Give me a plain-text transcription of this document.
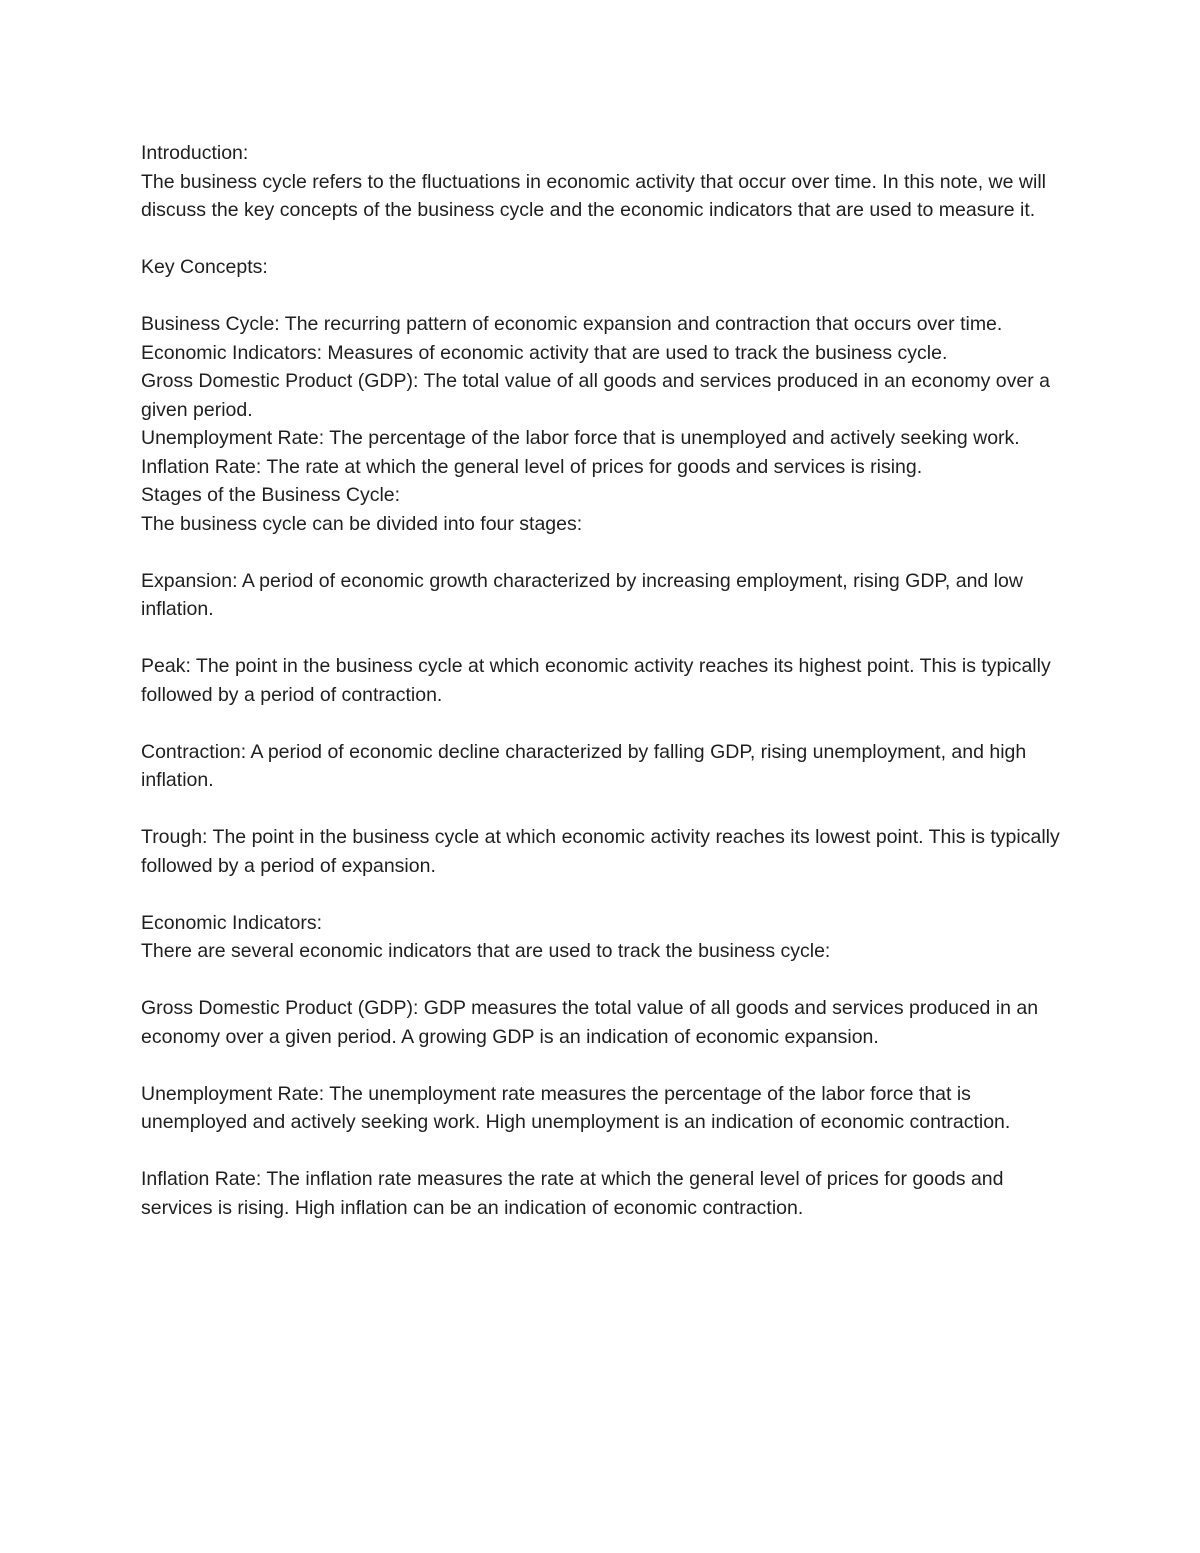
Introduction:

The business cycle refers to the fluctuations in economic activity that occur over time. In this note, we will discuss the key concepts of the business cycle and the economic indicators that are used to measure it.

Key Concepts:

Business Cycle: The recurring pattern of economic expansion and contraction that occurs over time.

Economic Indicators: Measures of economic activity that are used to track the business cycle.

Gross Domestic Product (GDP): The total value of all goods and services produced in an economy over a given period.

Unemployment Rate: The percentage of the labor force that is unemployed and actively seeking work.

Inflation Rate: The rate at which the general level of prices for goods and services is rising.

Stages of the Business Cycle:

The business cycle can be divided into four stages:

Expansion: A period of economic growth characterized by increasing employment, rising GDP, and low inflation.

Peak: The point in the business cycle at which economic activity reaches its highest point. This is typically followed by a period of contraction.

Contraction: A period of economic decline characterized by falling GDP, rising unemployment, and high inflation.

Trough: The point in the business cycle at which economic activity reaches its lowest point. This is typically followed by a period of expansion.

Economic Indicators:

There are several economic indicators that are used to track the business cycle:

Gross Domestic Product (GDP): GDP measures the total value of all goods and services produced in an economy over a given period. A growing GDP is an indication of economic expansion.

Unemployment Rate: The unemployment rate measures the percentage of the labor force that is unemployed and actively seeking work. High unemployment is an indication of economic contraction.

Inflation Rate: The inflation rate measures the rate at which the general level of prices for goods and services is rising. High inflation can be an indication of economic contraction.
